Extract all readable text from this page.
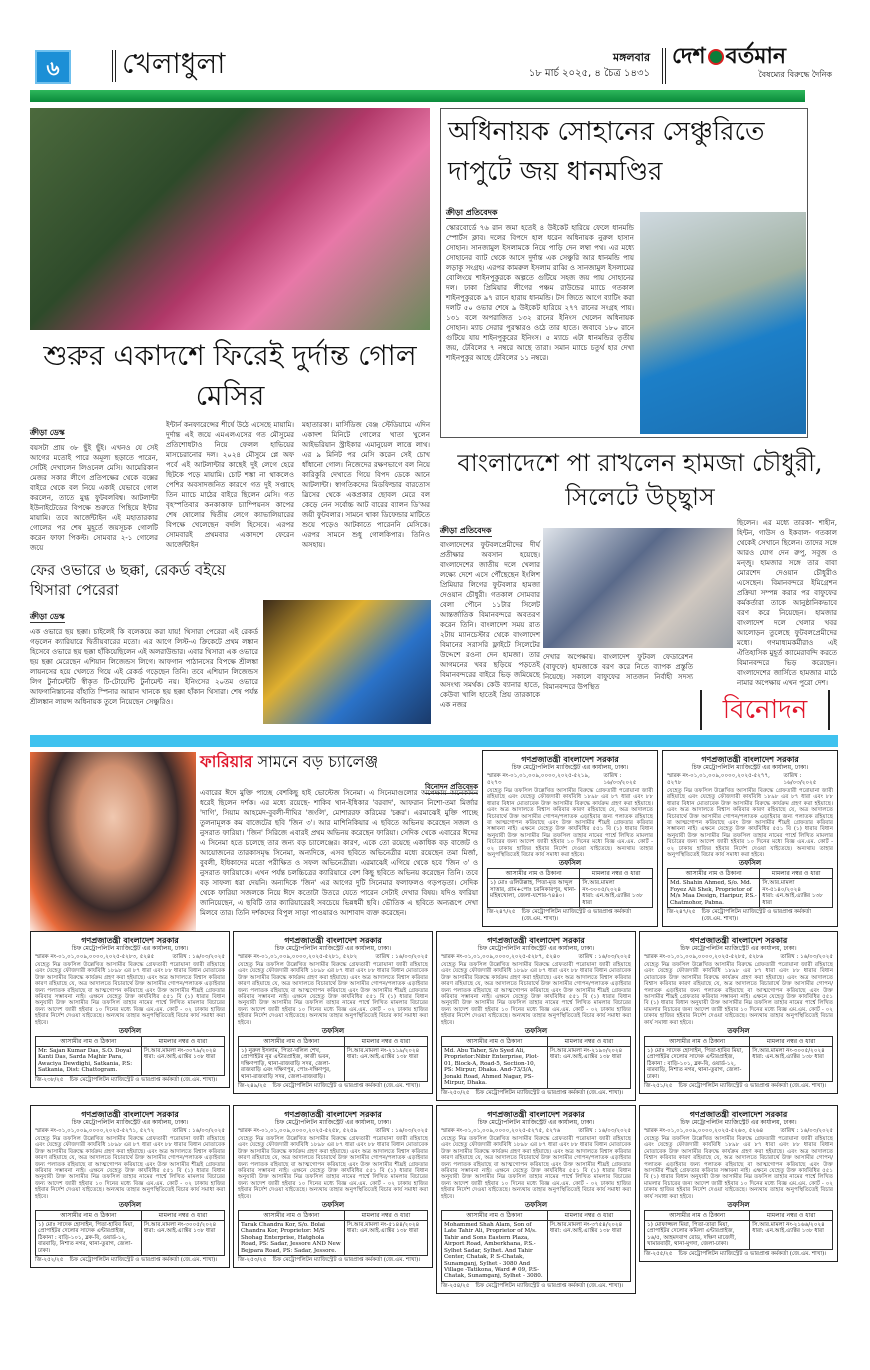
৬	খেলাধুলা	মঙ্গলবার
১৮ মার্চ ২০২৫, ৪ চৈত্র ১৪৩১
দেশ বর্তমান
বৈষম্যের বিরুদ্ধে দৈনিক
শুরুর একাদশে ফিরেই দুর্দান্ত গোল মেসির
ক্রীড়া ডেস্ক
বয়সটা প্রায় ৩৮ ছুঁই ছুঁই। এখনও যে সেই আগের মতোই পারে অমূল্য ছড়াতে পারেন, সেটিই দেখালেন লিওনেল মেসি। আমেরিকান মেজর সকার লীগে প্রতিপক্ষের থেকে বক্সের বাইরে থেকে বল নিয়ে একাই যেভাবে গোল করলেন, তাতে মুগ্ধ ফুটবলবিশ্ব। আটলান্টা ইউনাইটেডের বিপক্ষে শুরুতে পিছিয়ে ইন্টার মায়ামি। তবে আর্জেন্টাইন এই মহাতারকার গোলের পর শেষ মুহূর্তে জয়সূচক গোলটি করেন ফাফা পিকল্ট। সোমবার ২-১ গোলের জয়ে
ইন্টার্ন কনফারেন্সের শীর্ষে উঠে এসেছে মায়ামি। দুর্দান্ত এই জয়ে এমএলএসের গত মৌসুমের প্রতিশোধটাও নিয়ে ফেলল হাভিয়ের মাসচেরানোর দল। ২০২৪ মৌসুমে প্লে অফ পর্বে এই আটলান্টার কাছেই দুই লেগে হেরে ছিটকে পড়ে মায়ামি। চোট শঙ্কা না থাকলেও পেশির অবসাদজনিত কারণে গত দুই সপ্তাহে তিন ম্যাচে মাঠের বাইরে ছিলেন মেসি। গত বৃহস্পতিবার কনকাকাফ চ্যাম্পিয়নস কাপের শেষ ষোলোর দ্বিতীয় লেগে ক্যাভালিয়ারের বিপক্ষে খেলেছেন বদলি হিসেবে। এরপর সোমবারই প্রথমবার একাদশে ফেরেন আর্জেন্টাইন
মহাতারকা। মার্সিডিজ বেঞ্জ স্টেডিয়ামে এদিন একাদশ মিনিটে গোলের খাতা খুলেন আইভরিয়ান স্ট্রাইকার এমানুয়েল লাত্তে লাথ। এর ৯ মিনিট পর মেসি করেন সেই চোখ ধাঁধানো গোল। নিজেদের রক্ষণভাগে বল নিয়ে কারিকুরি দেখাতে গিয়ে বিপদ ডেকে আনে আটলান্টা। স্বাগতিকদের মিডফিল্ডার বারতোস স্লিসের থেকে একপ্রকার ছোবল মেরে বল কেড়ে নেন সর্বোচ্চ আট বারের ব্যালন ডি'অর জয়ী ফুটবলার। সামনে থাকা ডিফেন্ডার মাটিতে শুয়ে পড়েও আটকাতে পারেননি মেসিকে। এরপর সামনে শুধু গোলকিপার। তিনিও অসহায়।
অধিনায়ক সোহানের সেঞ্চুরিতে দাপুটে জয় ধানমণ্ডির
ক্রীড়া প্রতিবেদক
স্কোরবোর্ডে ৭৬ রান জমা হতেই ৪ উইকেট হারিয়ে ফেলে ধানমন্ডি স্পোর্টস ক্লাব। দলের বিপদে হাল ধরেন অধিনায়ক নুরুল হাসান সোহান। সানজামুল ইসলামকে নিয়ে পাড়ি দেন লম্বা পথ। এর মধ্যে সোহানের ব্যাট থেকে আসে দুর্দান্ত এক সেঞ্চুরি আর ধানমন্ডি পায় লড়াকু সংগ্রহ। এরপর কামরুল ইসলাম রাব্বি ও সানজামুল ইসলামের বোলিংয়ে শাইনপুকুরকে অল্পতে গুটিয়ে সহজ জয় পায় সোহানের দল। ঢাকা প্রিমিয়ার লীগের পঞ্চম রাউন্ডের ম্যাচে গতকাল শাইনপুকুরকে ৯৭ রানে হারায় ধানমন্ডি। টস জিতে আগে ব্যাটিং করা দলটি ৫০ ওভার শেষে ৯ উইকেট হারিয়ে ২৭৭ রানের সংগ্রহ পায়। ১৩১ বলে অপরাজিত ১৩২ রানের ইনিংস খেলেন অধিনায়ক সোহান। ম্যাচ সেরার পুরস্কারও ওঠে তার হাতে। জবাবে ১৮০ রানে গুটিয়ে যায় শাইনপুকুরের ইনিংস। ৫ ম্যাচে এটা ধানমন্ডির তৃতীয় জয়, টেবিলের ৭ নম্বরে আছে তারা। সমান ম্যাচে চতুর্থ হার দেখা শাইনপুকুর আছে টেবিলের ১১ নম্বরে।
ফের ওভারে ৬ ছক্কা, রেকর্ড বইয়ে থিসারা পেরেরা
ক্রীড়া ডেস্ক
এক ওভারে ছয় ছক্কা। চাইলেই কি বলেকয়ে করা যায়! থিসারা পেরেরা এই রেকর্ড গড়লেন ক্যারিয়ারে দ্বিতীয়বারের মতো। এর আগে লিস্ট-এ ক্রিকেটে প্রথম লঙ্কান হিসেবে ওভারে ছয় ছক্কা হাঁকিয়েছিলেন এই অলরাউন্ডার। এবার থিসারা এক ওভারে ছয় ছক্কা মেরেছেন এশিয়ান লিজেন্ডস লিগে। আফগান পাঠানসের বিপক্ষে শ্রীলঙ্কা লায়নসের হয়ে খেলতে গিয়ে এই রেকর্ড গড়েছেন তিনি। তবে এশিয়ান লিজেন্ডস লিগ টুর্নামেন্টটি স্বীকৃত টি-টোয়েন্টি টুর্নামেন্ট নয়। ইনিংসের ২০তম ওভারে আফগানিস্তানের বাঁহাতি স্পিনার আয়ান খানকে ছয় ছক্কা হাঁকান থিসারা। শেষ পর্যন্ত শ্রীলঙ্কান লায়ন্স অধিনায়ক তুলে নিয়েছেন সেঞ্চুরিও।
বাংলাদেশে পা রাখলেন হামজা চৌধুরী, সিলেটে উচ্ছ্বাস
ক্রীড়া প্রতিবেদক
বাংলাদেশের ফুটবলপ্রেমীদের দীর্ঘ প্রতীক্ষার অবসান হয়েছে। বাংলাদেশের জাতীয় দলে খেলার লক্ষ্যে দেশে এসে পৌঁছেছেন ইংলিশ প্রিমিয়ার লিগের ফুটবলার হামজা দেওয়ান চৌধুরী। গতকাল সোমবার বেলা পৌনে ১১টার সিলেট আন্তর্জাতিক বিমানবন্দরে অবতরণ করেন তিনি। বাংলাদেশ সময় রাত ২টায় ম্যানচেস্টার থেকে বাংলাদেশ বিমানের সরাসরি ফ্লাইটে সিলেটের উদ্দেশে রওনা দেন হামজা। তার আগমনের খবর ছড়িয়ে পড়তেই বিমানবন্দরের বাইরে ভিড় জমিয়েছে অসংখ্য সমর্থক। কেউ ব্যানার হাতে, কেউবা খালি হাতেই প্রিয় তারকাকে এক নজর
দেখার অপেক্ষায়। বাংলাদেশ ফুটবল ফেডারেশন (বাফুফে) হামজাকে বরণ করে নিতে ব্যাপক প্রস্তুতি নিয়েছে। সকালে বাফুফের সাতজন নির্বাহী সদস্য বিমানবন্দরে উপস্থিত
ছিলেন। এর মধ্যে তারকা- শাহীন, হিন্টন, গাউস ও ইকবাল- গতকাল থেকেই সেখানে ছিলেন। তাদের সঙ্গে আরও যোগ দেন রুপু, সবুজ ও মন্জু। হামজার সঙ্গে তার বাবা মোরশেদ দেওয়ান চৌধুরীও এসেছেন। বিমানবন্দরে ইমিগ্রেশন প্রক্রিয়া সম্পন্ন করার পর বাফুফের কর্মকর্তারা তাকে আনুষ্ঠানিকভাবে বরণ করে নিয়েছেন। হামজার বাংলাদেশ দলে খেলার খবর আলোড়ন তুলেছে ফুটবলপ্রেমীদের মধ্যে। গণমাধ্যমকর্মীরাও এই ঐতিহাসিক মুহূর্ত ক্যামেরাবন্দি করতে বিমানবন্দরে ভিড় করেছেন। বাংলাদেশের জার্সিতে হামজার মাঠে নামার অপেক্ষায় এখন পুরো দেশ।
বিনোদন
ফারিয়ার সামনে বড় চ্যালেঞ্জ
বিনোদন প্রতিবেদক
এবারের ঈদে মুক্তি পাচ্ছে বেশকিছু হাই ভোল্টেজ সিনেমা। এ সিনেমাগুলোর অপেক্ষায় অনেকদিন ধরেই ছিলেন দর্শক। এর মধ্যে রয়েছে- শাকিব খান-ইধিকার 'বরবাদ', আফরান নিশো-তমা মির্জার 'দাগি', সিয়াম আহমেদ-বুবলী-দীঘির 'জংলি', মোশাররফ করিমের 'চক্কর'। এরমাঝেই মুক্তি পাচ্ছে তুলনামূলক কম বাজেটের ছবি 'জিন ৩'। আর মাশিনিকিয়ার এ ছবিতে অভিনয় করেছেন সজল ও নুসরাত ফারিয়া। 'জিন' সিরিজে এবারই প্রথম অভিনয় করেছেন ফারিয়া। সেদিক থেকে এবারের ঈদের এ সিনেমা হতে চলেছে তার জন্য বড় চ্যালেঞ্জের। কারণ, একে তো রয়েছে একাধিক বড় বাজেট ও আয়োজনের তারকাসমৃদ্ধ সিনেমা, অন্যদিকে, এসব ছবিতে অভিনেত্রীর মধ্যে রয়েছেন তমা মির্জা, বুবলী, ইধিকাদের মতো পরীক্ষিত ও সফল অভিনেত্রীরা। এরমাঝেই এগিয়ে থেকে হবে 'জিন ৩' ও নুসরাত ফারিয়াকে। এখন পর্যন্ত চলচ্চিত্রের ক্যারিয়ারে বেশ কিছু ছবিতে অভিনয় করেছেন তিনি। তবে বড় সাফল্য ধরা দেয়নি। অন্যদিকে 'জিন' এর আগের দুটি সিনেমার ফলাফলও গড়পড়তা। সেদিক থেকে ফারিয়া সজলকে নিয়ে ঈদে কতোটা উতরে যেতে পারেন সেটাই দেখার বিষয়। যদিও ফারিয়া জানিয়েছেন, এ ছবিটি তার ক্যারিয়ারেরই সবচেয়ে ভিন্নধর্মী ছবি। ভৌতিক এ ছবিতে অন্যরূপে দেখা মিলবে তার। তিনি দর্শকদের বিপুল সাড়া পাওয়ারও আশাবাদ ব্যক্ত করেছেন।
গণপ্রজাতন্ত্রী বাংলাদেশ সরকার
চিফ মেট্রোপলিটন ম্যাজিস্ট্রেট এর কার্যালয়, ঢাকা।
স্মারক নং-০১,০১,০০৯,০০০০,২০২৫-৫২১৯, ৫২৭৩
তারিখ : ১৬/০৩/২০২৫
যেহেতু নিম্ন তফসিল উল্লেখিত আসামীর বিরুদ্ধে গ্রেফতারী পরোয়ানা জারী রহিয়াছে এবং যেহেতু ফৌজদারী কার্যবিধি ১৮৯৮ এর ৮৭ ধারা এবং ৮৮ ধারার বিধান মোতাবেক উক্ত আসামীর বিরুদ্ধে কার্যক্রম গ্রহণ করা হইয়াছে। এবং অত্র আদালতে বিশ্বাস করিবার কারণ রহিয়াছে যে, অত্র আদালতে বিচারার্থে উক্ত আসামীর গোপন/পলাতক এড়াইবার জন্য পলাতক রহিয়াছে বা আত্মগোপন করিয়াছে এবং উক্ত আসামীর শীঘ্রই গ্রেফতার করিবার সম্ভাবনা নাই। এক্ষনে যেহেতু উক্ত কার্যবিধির ৫৫১ বি (১) ধারার বিধান অনুযায়ী উক্ত আসামীর নিম্ন তফসিল তাহার নামের পার্শ্বে লিখিত মামলার বিচারের জন্য আদেশ জারী হইবার ১০ দিনের মধ্যে বিজ্ঞ এম.এম. কোর্ট - ০২ ঢাকায় হাজির হইবার নির্দেশ দেওয়া যাইতেছে। অন্যথায় তাহার অনুপস্থিতিতেই বিচার কার্য সমাধা করা হইবে।
তফসিল
আসামীর নাম ও ঠিকানা	মামলার নম্বর ও ধারা
১) মোঃ ওলিউল্লাহ, পিতা-মৃত আব্দুল সাত্তার, গ্রাম+পোঃ চরনিকারপুর, থানা-মহিষখোলা, জেলা-যশোর-৭৪৪০।	সি.আর.মামলা নং-৩০০৫/২০২৪
ধারা: এন.আই.এ্যাক্টর ১৩৮ ধারা
জি-২৪৭/২৫ চিফ মেট্রোপলিটন ম্যাজিস্ট্রেট ও ভারপ্রাপ্ত কর্মকর্তা (জে.এম. শাখা)।
গণপ্রজাতন্ত্রী বাংলাদেশ সরকার
চিফ মেট্রোপলিটন ম্যাজিস্ট্রেট এর কার্যালয়, ঢাকা।
স্মারক নং-০১,০১,০০৯,০০০০,২০২৫-৫২৭৭, ৫২৭৮
তারিখ : ১৬/০৩/২০২৫
যেহেতু নিম্ন তফসিল উল্লেখিত আসামীর বিরুদ্ধে গ্রেফতারী পরোয়ানা জারী রহিয়াছে এবং যেহেতু ফৌজদারী কার্যবিধি ১৮৯৮ এর ৮৭ ধারা এবং ৮৮ ধারার বিধান মোতাবেক উক্ত আসামীর বিরুদ্ধে কার্যক্রম গ্রহণ করা হইয়াছে। এবং অত্র আদালতে বিশ্বাস করিবার কারণ রহিয়াছে যে, অত্র আদালতে বিচারার্থে উক্ত আসামীর গোপন/পলাতক এড়াইবার জন্য পলাতক রহিয়াছে বা আত্মগোপন করিয়াছে এবং উক্ত আসামীর শীঘ্রই গ্রেফতার করিবার সম্ভাবনা নাই। এক্ষনে যেহেতু উক্ত কার্যবিধির ৫৫১ বি (১) ধারার বিধান অনুযায়ী উক্ত আসামীর নিম্ন তফসিল তাহার নামের পার্শ্বে লিখিত মামলার বিচারের জন্য আদেশ জারী হইবার ১০ দিনের মধ্যে বিজ্ঞ এম.এম. কোর্ট - ০২ ঢাকায় হাজির হইবার নির্দেশ দেওয়া যাইতেছে। অন্যথায় তাহার অনুপস্থিতিতেই বিচার কার্য সমাধা করা হইবে।
তফসিল
আসামীর নাম ও ঠিকানা	মামলার নম্বর ও ধারা
Md. Shahin Ahmed, S/o. Md. Foyez Ali Shek, Proprietor of M/s Maa Design, Haripur, P.S.-Chatmohor, Pabna.	সি.আর.মামলা নং-৫১৪০/২০২৪
ধারা: এন.আই.এ্যাক্টর ১৩৮ ধারা
জি-২৪৭/২৫ চিফ মেট্রোপলিটন ম্যাজিস্ট্রেট ও ভারপ্রাপ্ত কর্মকর্তা (জে.এম. শাখা)।
গণপ্রজাতন্ত্রী বাংলাদেশ সরকার
চিফ মেট্রোপলিটন ম্যাজিস্ট্রেট এর কার্যালয়, ঢাকা।
স্মারক নং-০১,০১,০০৯,০০০০,২০২৫-৫২৮৩, ৫২৪৫	তারিখ : ১৬/০৩/২০২৫
যেহেতু নিম্ন তফসিল উল্লেখিত আসামীর বিরুদ্ধে গ্রেফতারী পরোয়ানা জারী রহিয়াছে এবং যেহেতু ফৌজদারী কার্যবিধি ১৮৯৮ এর ৮৭ ধারা এবং ৮৮ ধারার বিধান মোতাবেক উক্ত আসামীর বিরুদ্ধে কার্যক্রম গ্রহণ করা হইয়াছে। এবং অত্র আদালতে বিশ্বাস করিবার কারণ রহিয়াছে যে, অত্র আদালতে বিচারার্থে উক্ত আসামীর গোপন/পলাতক এড়াইবার জন্য পলাতক রহিয়াছে বা আত্মগোপন করিয়াছে এবং উক্ত আসামীর শীঘ্রই গ্রেফতার করিবার সম্ভাবনা নাই। এক্ষনে যেহেতু উক্ত কার্যবিধির ৫৫১ বি (১) ধারার বিধান অনুযায়ী উক্ত আসামীর নিম্ন তফসিল তাহার নামের পার্শ্বে লিখিত মামলার বিচারের জন্য আদেশ জারী হইবার ১০ দিনের মধ্যে বিজ্ঞ এম.এম. কোর্ট - ০২ ঢাকায় হাজির হইবার নির্দেশ দেওয়া যাইতেছে। অন্যথায় তাহার অনুপস্থিতিতেই বিচার কার্য সমাধা করা হইবে।
তফসিল
আসামীর নাম ও ঠিকানা	মামলার নম্বর ও ধারা
Mr. Sajan Kumar Das, S.O. Doyal Kanti Das, Sarda Majhir Para, Awaciya Dewdighi, Satkania, P.S: Satkania, Dist: Chattogram.	সি.আর.মামলা নং-৩০৭৯/২০২৪
ধারা: এন.আই.এ্যাক্টর ১৩৮ ধারা
জি-২৩৮/২৫ চিফ মেট্রোপলিটন ম্যাজিস্ট্রেট ও ভারপ্রাপ্ত কর্মকর্তা (জে.এম. শাখা)।
গণপ্রজাতন্ত্রী বাংলাদেশ সরকার
চিফ মেট্রোপলিটন ম্যাজিস্ট্রেট এর কার্যালয়, ঢাকা।
স্মারক নং-০১,০১,০০৯,০০০০,২০২৫-৫২৮১, ৫২৮২	তারিখ : ১৬/০৩/২০২৫
যেহেতু নিম্ন তফসিল উল্লেখিত আসামীর বিরুদ্ধে গ্রেফতারী পরোয়ানা জারী রহিয়াছে এবং যেহেতু ফৌজদারী কার্যবিধি ১৮৯৮ এর ৮৭ ধারা এবং ৮৮ ধারার বিধান মোতাবেক উক্ত আসামীর বিরুদ্ধে কার্যক্রম গ্রহণ করা হইয়াছে। এবং অত্র আদালতে বিশ্বাস করিবার কারণ রহিয়াছে যে, অত্র আদালতে বিচারার্থে উক্ত আসামীর গোপন/পলাতক এড়াইবার জন্য পলাতক রহিয়াছে বা আত্মগোপন করিয়াছে এবং উক্ত আসামীর শীঘ্রই গ্রেফতার করিবার সম্ভাবনা নাই। এক্ষনে যেহেতু উক্ত কার্যবিধির ৫৫১ বি (১) ধারার বিধান অনুযায়ী উক্ত আসামীর নিম্ন তফসিল তাহার নামের পার্শ্বে লিখিত মামলার বিচারের জন্য আদেশ জারী হইবার ১০ দিনের মধ্যে বিজ্ঞ এম.এম. কোর্ট - ০২ ঢাকায় হাজির হইবার নির্দেশ দেওয়া যাইতেছে। অন্যথায় তাহার অনুপস্থিতিতেই বিচার কার্য সমাধা করা হইবে।
তফসিল
আসামীর নাম ও ঠিকানা	মামলার নম্বর ও ধারা
১) নুরুল ইসলাম, পিতা-খলিল শেখ, প্রোপাইটর নূর এন্টারপ্রাইজ, কাজী ভবন, দক্ষিণপাড়ি, থানা-রাজবাড়ি সদর, জেলা-রাজবাড়ি এবং দক্ষিণপুর, পোঃ-দক্ষিণপুর, থানা-রাজবাড়ি সদর, জেলা-রাজবাড়ি।	সি.আর.মামলা নং-২১১৯/২০২৪
ধারা: এন.আই.এ্যাক্টর ১৩৮ ধারা
জি-২৪৯/২৫ চিফ মেট্রোপলিটন ম্যাজিস্ট্রেট ও ভারপ্রাপ্ত কর্মকর্তা (জে.এম. শাখা)।
গণপ্রজাতন্ত্রী বাংলাদেশ সরকার
চিফ মেট্রোপলিটন ম্যাজিস্ট্রেট এর কার্যালয়, ঢাকা।
স্মারক নং-০১,০১,০০৯,০০০০,২০২৫-৫২৮৭, ৫২৪০	তারিখ : ১৬/০৩/২০২৫
যেহেতু নিম্ন তফসিল উল্লেখিত আসামীর বিরুদ্ধে গ্রেফতারী পরোয়ানা জারী রহিয়াছে এবং যেহেতু ফৌজদারী কার্যবিধি ১৮৯৮ এর ৮৭ ধারা এবং ৮৮ ধারার বিধান মোতাবেক উক্ত আসামীর বিরুদ্ধে কার্যক্রম গ্রহণ করা হইয়াছে। এবং অত্র আদালতে বিশ্বাস করিবার কারণ রহিয়াছে যে, অত্র আদালতে বিচারার্থে উক্ত আসামীর গোপন/পলাতক এড়াইবার জন্য পলাতক রহিয়াছে বা আত্মগোপন করিয়াছে এবং উক্ত আসামীর শীঘ্রই গ্রেফতার করিবার সম্ভাবনা নাই। এক্ষনে যেহেতু উক্ত কার্যবিধির ৫৫১ বি (১) ধারার বিধান অনুযায়ী উক্ত আসামীর নিম্ন তফসিল তাহার নামের পার্শ্বে লিখিত মামলার বিচারের জন্য আদেশ জারী হইবার ১০ দিনের মধ্যে বিজ্ঞ এম.এম. কোর্ট - ০২ ঢাকায় হাজির হইবার নির্দেশ দেওয়া যাইতেছে। অন্যথায় তাহার অনুপস্থিতিতেই বিচার কার্য সমাধা করা হইবে।
তফসিল
আসামীর নাম ও ঠিকানা	মামলার নম্বর ও ধারা
Md. Abu Taher, S/o Syed Ali, Proprietor:Nibir Enterprise, Plot-01, Block-A, Road-5, Section-10, PS: Mirpur, Dhaka. And-73/3/A, Jonaki Road, Ahmed Nagar, PS-Mirpur, Dhaka.	সি.আর.মামলা নং-২১৯০/২০২৪
ধারা: এন.আই.এ্যাক্টর ১৩৮ ধারা
জি-২৫০/২৫ চিফ মেট্রোপলিটন ম্যাজিস্ট্রেট ও ভারপ্রাপ্ত কর্মকর্তা (জে.এম. শাখা)।
গণপ্রজাতন্ত্রী বাংলাদেশ সরকার
চিফ মেট্রোপলিটন ম্যাজিস্ট্রেট এর কার্যালয়, ঢাকা।
স্মারক নং-০১,০১,০০৯,০০০০,২০২৫-৫২৮৫, ৫২৮৬	তারিখ : ১৬/০৩/২০২৫
যেহেতু নিম্ন তফসিল উল্লেখিত আসামীর বিরুদ্ধে গ্রেফতারী পরোয়ানা জারী রহিয়াছে এবং যেহেতু ফৌজদারী কার্যবিধি ১৮৯৮ এর ৮৭ ধারা এবং ৮৮ ধারার বিধান মোতাবেক উক্ত আসামীর বিরুদ্ধে কার্যক্রম গ্রহণ করা হইয়াছে। এবং অত্র আদালতে বিশ্বাস করিবার কারণ রহিয়াছে যে, অত্র আদালতে বিচারার্থে উক্ত আসামীর গোপন/পলাতক এড়াইবার জন্য পলাতক রহিয়াছে বা আত্মগোপন করিয়াছে এবং উক্ত আসামীর শীঘ্রই গ্রেফতার করিবার সম্ভাবনা নাই। এক্ষনে যেহেতু উক্ত কার্যবিধির ৫৫১ বি (১) ধারার বিধান অনুযায়ী উক্ত আসামীর নিম্ন তফসিল তাহার নামের পার্শ্বে লিখিত মামলার বিচারের জন্য আদেশ জারী হইবার ১০ দিনের মধ্যে বিজ্ঞ এম.এম. কোর্ট - ০২ ঢাকায় হাজির হইবার নির্দেশ দেওয়া যাইতেছে। অন্যথায় তাহার অনুপস্থিতিতেই বিচার কার্য সমাধা করা হইবে।
তফসিল
আসামীর নাম ও ঠিকানা	মামলার নম্বর ও ধারা
১) মোঃ সাদেক হোসাইন, পিতা-হাবিব মিয়া, প্রোপাইটর দেলোর সাদেক এন্টারপ্রাইজ, ঠিকানা : বাড়ি-১০১, ব্লক-বি, ওয়ার্ড-১২, বারবাড়ি, নিশাত নগর, থানা-তুরাগ, জেলা-ঢাকা।	সি.আর.মামলা নং-৩০০৫/২০২৪
ধারা: এন.আই.এ্যাক্টর ১৩৮ ধারা
জি-২৫১/২৫ চিফ মেট্রোপলিটন ম্যাজিস্ট্রেট ও ভারপ্রাপ্ত কর্মকর্তা (জে.এম. শাখা)।
গণপ্রজাতন্ত্রী বাংলাদেশ সরকার
চিফ মেট্রোপলিটন ম্যাজিস্ট্রেট এর কার্যালয়, ঢাকা।
স্মারক নং-০১,০১,০০৯,০০০০,২০২৫-৫২৭১, ৫২৭২	তারিখ : ১৬/০৩/২০২৫
যেহেতু নিম্ন তফসিল উল্লেখিত আসামীর বিরুদ্ধে গ্রেফতারী পরোয়ানা জারী রহিয়াছে এবং যেহেতু ফৌজদারী কার্যবিধি ১৮৯৮ এর ৮৭ ধারা এবং ৮৮ ধারার বিধান মোতাবেক উক্ত আসামীর বিরুদ্ধে কার্যক্রম গ্রহণ করা হইয়াছে। এবং অত্র আদালতে বিশ্বাস করিবার কারণ রহিয়াছে যে, অত্র আদালতে বিচারার্থে উক্ত আসামীর গোপন/পলাতক এড়াইবার জন্য পলাতক রহিয়াছে বা আত্মগোপন করিয়াছে এবং উক্ত আসামীর শীঘ্রই গ্রেফতার করিবার সম্ভাবনা নাই। এক্ষনে যেহেতু উক্ত কার্যবিধির ৫৫১ বি (১) ধারার বিধান অনুযায়ী উক্ত আসামীর নিম্ন তফসিল তাহার নামের পার্শ্বে লিখিত মামলার বিচারের জন্য আদেশ জারী হইবার ১০ দিনের মধ্যে বিজ্ঞ এম.এম. কোর্ট - ০২ ঢাকায় হাজির হইবার নির্দেশ দেওয়া যাইতেছে। অন্যথায় তাহার অনুপস্থিতিতেই বিচার কার্য সমাধা করা হইবে।
তফসিল
আসামীর নাম ও ঠিকানা	মামলার নম্বর ও ধারা
১) মোঃ সাদেক হোসাইন, পিতা-হাবিব মিয়া, প্রোপাইটর দেলোর সাদেক এন্টারপ্রাইজ, ঠিকানা : বাড়ি-১০১, ব্লক-বি, ওয়ার্ড-১২, বারবাড়ি, নিশাত নগর, থানা-তুরাগ, জেলা-ঢাকা।	সি.আর.মামলা নং-৩০০৫/২০২৪
ধারা: এন.আই.এ্যাক্টর ১৩৮ ধারা
জি-২৫২/২৫ চিফ মেট্রোপলিটন ম্যাজিস্ট্রেট ও ভারপ্রাপ্ত কর্মকর্তা (জে.এম. শাখা)।
গণপ্রজাতন্ত্রী বাংলাদেশ সরকার
চিফ মেট্রোপলিটন ম্যাজিস্ট্রেট এর কার্যালয়, ঢাকা।
স্মারক নং-০১,০১,০০৯,০০০০,২০২৫-৫২৫৮, ৫২৫৯	তারিখ : ১৬/০৩/২০২৫
যেহেতু নিম্ন তফসিল উল্লেখিত আসামীর বিরুদ্ধে গ্রেফতারী পরোয়ানা জারী রহিয়াছে এবং যেহেতু ফৌজদারী কার্যবিধি ১৮৯৮ এর ৮৭ ধারা এবং ৮৮ ধারার বিধান মোতাবেক উক্ত আসামীর বিরুদ্ধে কার্যক্রম গ্রহণ করা হইয়াছে। এবং অত্র আদালতে বিশ্বাস করিবার কারণ রহিয়াছে যে, অত্র আদালতে বিচারার্থে উক্ত আসামীর গোপন/পলাতক এড়াইবার জন্য পলাতক রহিয়াছে বা আত্মগোপন করিয়াছে এবং উক্ত আসামীর শীঘ্রই গ্রেফতার করিবার সম্ভাবনা নাই। এক্ষনে যেহেতু উক্ত কার্যবিধির ৫৫১ বি (১) ধারার বিধান অনুযায়ী উক্ত আসামীর নিম্ন তফসিল তাহার নামের পার্শ্বে লিখিত মামলার বিচারের জন্য আদেশ জারী হইবার ১০ দিনের মধ্যে বিজ্ঞ এম.এম. কোর্ট - ০২ ঢাকায় হাজির হইবার নির্দেশ দেওয়া যাইতেছে। অন্যথায় তাহার অনুপস্থিতিতেই বিচার কার্য সমাধা করা হইবে।
তফসিল
আসামীর নাম ও ঠিকানা	মামলার নম্বর ও ধারা
Tarak Chandra Kor, S/o. Bolai Chandra Kor, Proprietor: M/S Shohag Enterprise, Hatghola Road, PS: Sadar, Jessore AND New Bejpara Road, PS: Sadar, Jessore.	সি.আর.মামলা নং-৫১৪৪/২০২৪
ধারা: এন.আই.এ্যাক্টর ১৩৮ ধারা
জি-২৫৩/২৫ চিফ মেট্রোপলিটন ম্যাজিস্ট্রেট ও ভারপ্রাপ্ত কর্মকর্তা (জে.এম. শাখা)।
গণপ্রজাতন্ত্রী বাংলাদেশ সরকার
চিফ মেট্রোপলিটন ম্যাজিস্ট্রেট এর কার্যালয়, ঢাকা।
স্মারক নং-০১,০১,০০৯,০০০০,২০২৫-৫২৭৫, ৫২৭৬	তারিখ : ১৬/০৩/২০২৫
যেহেতু নিম্ন তফসিল উল্লেখিত আসামীর বিরুদ্ধে গ্রেফতারী পরোয়ানা জারী রহিয়াছে এবং যেহেতু ফৌজদারী কার্যবিধি ১৮৯৮ এর ৮৭ ধারা এবং ৮৮ ধারার বিধান মোতাবেক উক্ত আসামীর বিরুদ্ধে কার্যক্রম গ্রহণ করা হইয়াছে। এবং অত্র আদালতে বিশ্বাস করিবার কারণ রহিয়াছে যে, অত্র আদালতে বিচারার্থে উক্ত আসামীর গোপন/পলাতক এড়াইবার জন্য পলাতক রহিয়াছে বা আত্মগোপন করিয়াছে এবং উক্ত আসামীর শীঘ্রই গ্রেফতার করিবার সম্ভাবনা নাই। এক্ষনে যেহেতু উক্ত কার্যবিধির ৫৫১ বি (১) ধারার বিধান অনুযায়ী উক্ত আসামীর নিম্ন তফসিল তাহার নামের পার্শ্বে লিখিত মামলার বিচারের জন্য আদেশ জারী হইবার ১০ দিনের মধ্যে বিজ্ঞ এম.এম. কোর্ট - ০২ ঢাকায় হাজির হইবার নির্দেশ দেওয়া যাইতেছে। অন্যথায় তাহার অনুপস্থিতিতেই বিচার কার্য সমাধা করা হইবে।
তফসিল
আসামীর নাম ও ঠিকানা	মামলার নম্বর ও ধারা
Mohammed Shah Alam, Son of Late Tahir Ali, Proprietor of M/s. Tahir and Sons Eastern Plaza, Airport Road, Amberkhana, P.S.-Sylhet Sadar, Sylhet. And Tahir Center, Chatak, P. S-Chatak, Sunamganj, Sylhet - 3080 And Village -Tatikona, Ward # 09, P.S-Chatak, Sunamganj, Sylhet - 3080.	সি.আর.মামলা নং-৩৭৫৪/২০২৪
ধারা: এন.আই.এ্যাক্টর ১৩৮ ধারা
জি-২৫৪/২৫ চিফ মেট্রোপলিটন ম্যাজিস্ট্রেট ও ভারপ্রাপ্ত কর্মকর্তা (জে.এম. শাখা)।
গণপ্রজাতন্ত্রী বাংলাদেশ সরকার
চিফ মেট্রোপলিটন ম্যাজিস্ট্রেট এর কার্যালয়, ঢাকা।
স্মারক নং-০১,০১,০০৯,০০০০,২০২৫-৫২৬৩, ৫২৬৪	তারিখ : ১৬/০৩/২০২৫
যেহেতু নিম্ন তফসিল উল্লেখিত আসামীর বিরুদ্ধে গ্রেফতারী পরোয়ানা জারী রহিয়াছে এবং যেহেতু ফৌজদারী কার্যবিধি ১৮৯৮ এর ৮৭ ধারা এবং ৮৮ ধারার বিধান মোতাবেক উক্ত আসামীর বিরুদ্ধে কার্যক্রম গ্রহণ করা হইয়াছে। এবং অত্র আদালতে বিশ্বাস করিবার কারণ রহিয়াছে যে, অত্র আদালতে বিচারার্থে উক্ত আসামীর গোপন/পলাতক এড়াইবার জন্য পলাতক রহিয়াছে বা আত্মগোপন করিয়াছে এবং উক্ত আসামীর শীঘ্রই গ্রেফতার করিবার সম্ভাবনা নাই। এক্ষনে যেহেতু উক্ত কার্যবিধির ৫৫১ বি (১) ধারার বিধান অনুযায়ী উক্ত আসামীর নিম্ন তফসিল তাহার নামের পার্শ্বে লিখিত মামলার বিচারের জন্য আদেশ জারী হইবার ১০ দিনের মধ্যে বিজ্ঞ এম.এম. কোর্ট - ০২ ঢাকায় হাজির হইবার নির্দেশ দেওয়া যাইতেছে। অন্যথায় তাহার অনুপস্থিতিতেই বিচার কার্য সমাধা করা হইবে।
তফসিল
আসামীর নাম ও ঠিকানা	মামলার নম্বর ও ধারা
১) মোফাজ্জল মিয়া, পিতা-তারা মিয়া, প্রোপাইটর দেলোর কমিলা এন্টারপ্রাইজ, ১৬/৫, আহমদবাগ রোড, দক্ষিণ মাজেদী, খামারবাড়ী, থানা-মুগদা, জেলা-ঢাকা।	সি.আর.মামলা নং-২১৬৬/২০২৪
ধারা: এন.আই.এ্যাক্টর ১৩৮ ধারা
জি-২৫৫/২৫ চিফ মেট্রোপলিটন ম্যাজিস্ট্রেট ও ভারপ্রাপ্ত কর্মকর্তা (জে.এম. শাখা)।
